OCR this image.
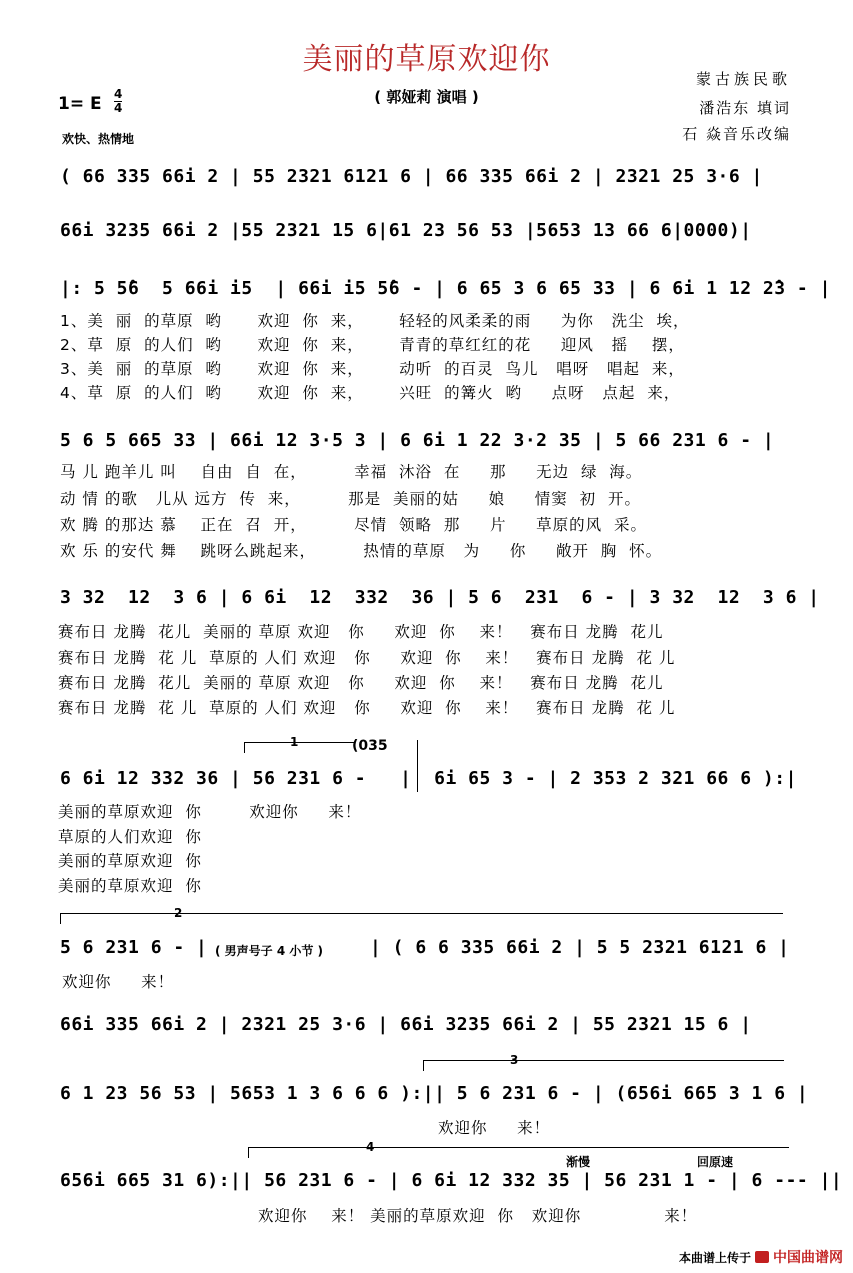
美丽的草原欢迎你
( 郭娅莉 演唱 )
蒙古族民歌
潘浩东 填词
石 焱音乐改编
1= E 4
4
欢快、热情地
( 66 335 66i 2 | 55 2321 6121 6 | 66 335 66i 2 | 2321 25 3·6 |
66i 3235 66i 2 |55 2321 15 6|61 23 56 53 |5653 13 66 6|0000)|
|: 5 5̂6  5 66i i5  | 66i i5 5̂6 - | 6 65 3 6 65 33 | 6 6i 1 12 2̂3 - |
1、美  丽  的草原  哟      欢迎  你  来，      轻轻的风柔柔的雨     为你   洗尘  埃，
2、草  原  的人们  哟      欢迎  你  来，      青青的草红红的花     迎风   摇    摆，
3、美  丽  的草原  哟      欢迎  你  来，      动听  的百灵  鸟儿   唱呀   唱起  来，
4、草  原  的人们  哟      欢迎  你  来，      兴旺  的篝火  哟     点呀   点起  来，
5 6 5 665 33 | 66i 12 3·5 3 | 6 6i 1 22 3·2 35 | 5 66 231 6 - |
马 儿 跑羊儿 叫    自由  自  在，        幸福  沐浴  在     那     无边  绿  海。
动 情 的歌   儿从 远方  传  来，        那是  美丽的姑     娘     情窦  初  开。
欢 腾 的那达 慕    正在  召  开，        尽情  领略  那     片     草原的风  采。
欢 乐 的安代 舞    跳呀么跳起来，        热情的草原   为     你     敞开  胸  怀。
3 32  12  3 6 | 6 6i  12  332  36 | 5 6  231  6 - | 3 32  12  3 6 |
赛布日 龙腾  花儿  美丽的 草原 欢迎   你     欢迎  你    来！   赛布日 龙腾  花儿
赛布日 龙腾  花 儿  草原的 人们 欢迎   你     欢迎  你    来！   赛布日 龙腾  花 儿
赛布日 龙腾  花儿  美丽的 草原 欢迎   你     欢迎  你    来！   赛布日 龙腾  花儿
赛布日 龙腾  花 儿  草原的 人们 欢迎   你     欢迎  你    来！   赛布日 龙腾  花 儿
1	(035
6 6i 12 332 36 | 56 231 6 -   |  6i 65 3 - | 2 353 2 321 66 6 ):|
美丽的草原欢迎  你        欢迎你     来！
草原的人们欢迎  你
美丽的草原欢迎  你
美丽的草原欢迎  你
2
5 6 231 6 - | ( 男声号子 4 小节 )	| ( 6 6 335 66i 2 | 5 5 2321 6121 6 |
欢迎你     来！
66i 335 66i 2 | 2321 25 3·6 | 66i 3235 66i 2 | 55 2321 15 6 |
3
6 1 23 56 53 | 5653 1 3 6 6 6 ):|| 5 6 231 6 - | (656i 665 3 1 6 |
欢迎你     来！
4
渐慢	回原速
656i 665 31 6):|| 56 231 6 - | 6 6i 12 332 35 | 56 231 1 - | 6 --- ||
欢迎你    来！ 美丽的草原欢迎  你   欢迎你              来！
本曲谱上传于 中国曲谱网
